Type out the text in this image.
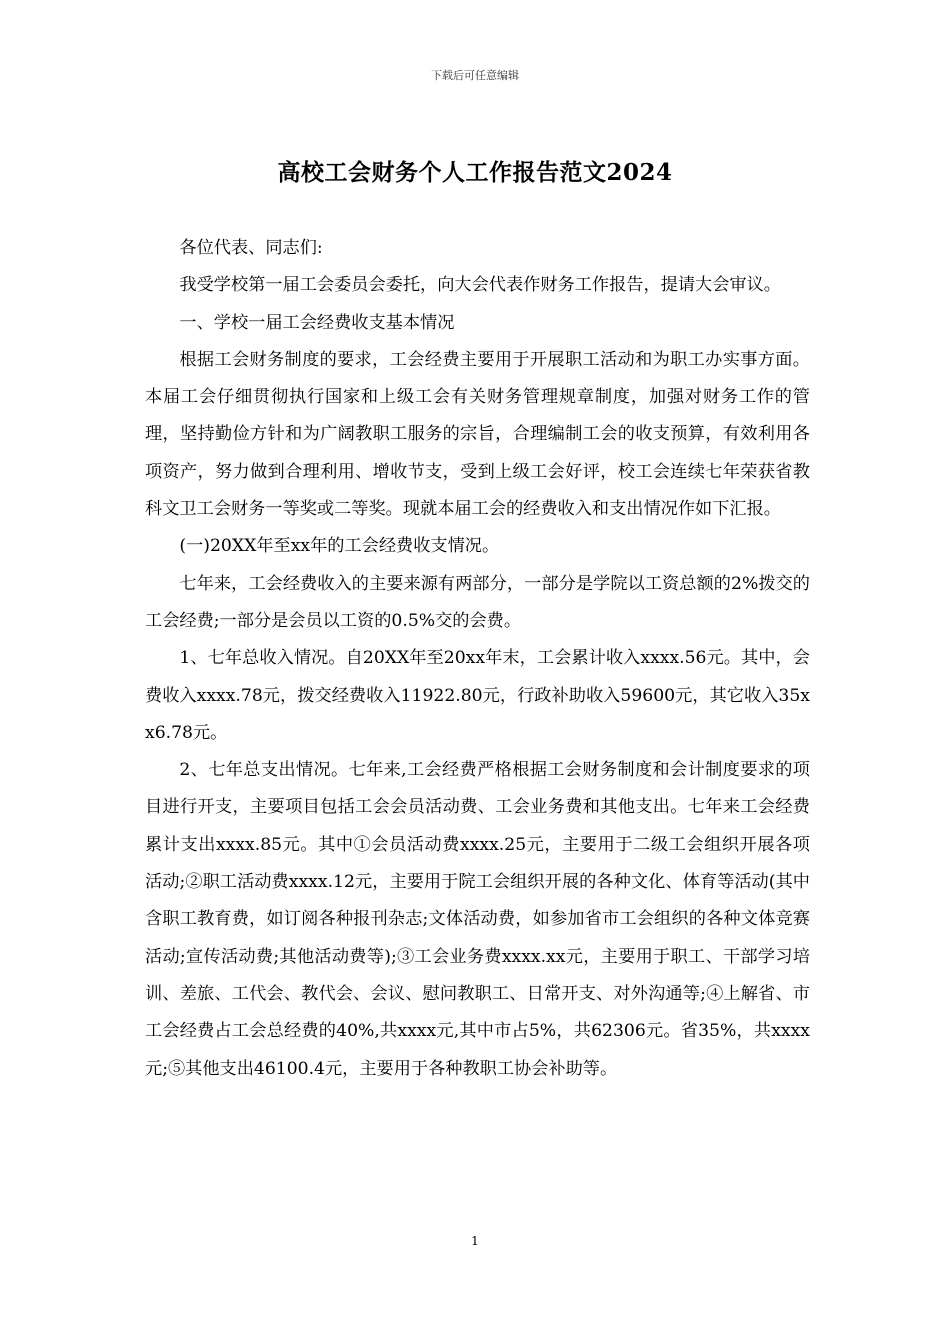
下载后可任意编辑
高校工会财务个人工作报告范文2024

各位代表、同志们:

我受学校第一届工会委员会委托，向大会代表作财务工作报告，提请大会审议。

一、学校一届工会经费收支基本情况

根据工会财务制度的要求，工会经费主要用于开展职工活动和为职工办实事方面。本届工会仔细贯彻执行国家和上级工会有关财务管理规章制度，加强对财务工作的管理，坚持勤俭方针和为广阔教职工服务的宗旨，合理编制工会的收支预算，有效利用各项资产，努力做到合理利用、增收节支，受到上级工会好评，校工会连续七年荣获省教科文卫工会财务一等奖或二等奖。现就本届工会的经费收入和支出情况作如下汇报。

(一)20XX年至xx年的工会经费收支情况。

七年来，工会经费收入的主要来源有两部分，一部分是学院以工资总额的2%拨交的工会经费;一部分是会员以工资的0.5%交的会费。

1、七年总收入情况。自20XX年至20xx年末，工会累计收入xxxx.56元。其中，会费收入xxxx.78元，拨交经费收入11922.80元，行政补助收入59600元，其它收入35xx6.78元。

2、七年总支出情况。七年来,工会经费严格根据工会财务制度和会计制度要求的项目进行开支，主要项目包括工会会员活动费、工会业务费和其他支出。七年来工会经费累计支出xxxx.85元。其中①会员活动费xxxx.25元，主要用于二级工会组织开展各项活动;②职工活动费xxxx.12元，主要用于院工会组织开展的各种文化、体育等活动(其中含职工教育费，如订阅各种报刊杂志;文体活动费，如参加省市工会组织的各种文体竞赛活动;宣传活动费;其他活动费等);③工会业务费xxxx.xx元，主要用于职工、干部学习培训、差旅、工代会、教代会、会议、慰问教职工、日常开支、对外沟通等;④上解省、市工会经费占工会总经费的40%,共xxxx元,其中市占5%，共62306元。省35%，共xxxx元;⑤其他支出46100.4元，主要用于各种教职工协会补助等。

1
